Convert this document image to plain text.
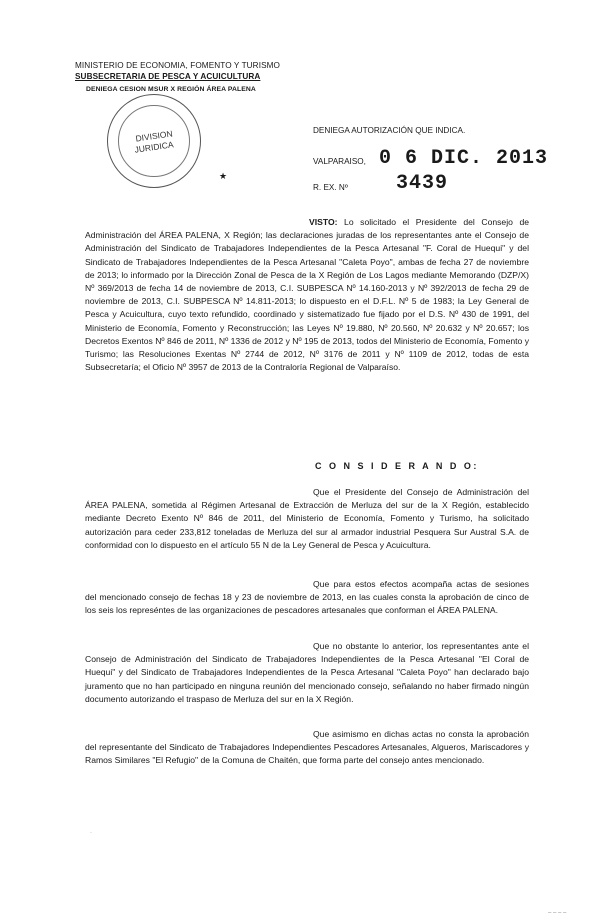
MINISTERIO DE ECONOMIA, FOMENTO Y TURISMO
SUBSECRETARIA DE PESCA Y ACUICULTURA
DENIEGA CESION MSUR X REGIÓN ÁREA PALENA
DIVISION
JURIDICA
★
DENIEGA AUTORIZACIÓN QUE INDICA.
VALPARAISO, 0 6 DIC. 2013
R. EX. Nº 3439
VISTO: Lo solicitado el Presidente del Consejo de Administración del ÁREA PALENA, X Región; las declaraciones juradas de los representantes ante el Consejo de Administración del Sindicato de Trabajadores Independientes de la Pesca Artesanal "F. Coral de Huequi" y del Sindicato de Trabajadores Independientes de la Pesca Artesanal "Caleta Poyo", ambas de fecha 27 de noviembre de 2013; lo informado por la Dirección Zonal de Pesca de la X Región de Los Lagos mediante Memorando (DZP/X) Nº 369/2013 de fecha 14 de noviembre de 2013, C.I. SUBPESCA Nº 14.160-2013 y Nº 392/2013 de fecha 29 de noviembre de 2013, C.I. SUBPESCA Nº 14.811-2013; lo dispuesto en el D.F.L. Nº 5 de 1983; la Ley General de Pesca y Acuicultura, cuyo texto refundido, coordinado y sistematizado fue fijado por el D.S. Nº 430 de 1991, del Ministerio de Economía, Fomento y Reconstrucción; las Leyes Nº 19.880, Nº 20.560, Nº 20.632 y Nº 20.657; los Decretos Exentos Nº 846 de 2011, Nº 1336 de 2012 y Nº 195 de 2013, todos del Ministerio de Economía, Fomento y Turismo; las Resoluciones Exentas Nº 2744 de 2012, Nº 3176 de 2011 y Nº 1109 de 2012, todas de esta Subsecretaría; el Oficio Nº 3957 de 2013 de la Contraloría Regional de Valparaíso.
C O N S I D E R A N D O:
Que el Presidente del Consejo de Administración del ÁREA PALENA, sometida al Régimen Artesanal de Extracción de Merluza del sur de la X Región, establecido mediante Decreto Exento Nº 846 de 2011, del Ministerio de Economía, Fomento y Turismo, ha solicitado autorización para ceder 233,812 toneladas de Merluza del sur al armador industrial Pesquera Sur Austral S.A. de conformidad con lo dispuesto en el artículo 55 N de la Ley General de Pesca y Acuicultura.
Que para estos efectos acompaña actas de sesiones del mencionado consejo de fechas 18 y 23 de noviembre de 2013, en las cuales consta la aprobación de cinco de los seis los represéntes de las organizaciones de pescadores artesanales que conforman el ÁREA PALENA.
Que no obstante lo anterior, los representantes ante el Consejo de Administración del Sindicato de Trabajadores Independientes de la Pesca Artesanal "El Coral de Huequi" y del Sindicato de Trabajadores Independientes de la Pesca Artesanal "Caleta Poyo" han declarado bajo juramento que no han participado en ninguna reunión del mencionado consejo, señalando no haber firmado ningún documento autorizando el traspaso de Merluza del sur en la X Región.
Que asimismo en dichas actas no consta la aprobación del representante del Sindicato de Trabajadores Independientes Pescadores Artesanales, Algueros, Mariscadores y Ramos Similares "El Refugio" de la Comuna de Chaitén, que forma parte del consejo antes mencionado.
·
– – – –
